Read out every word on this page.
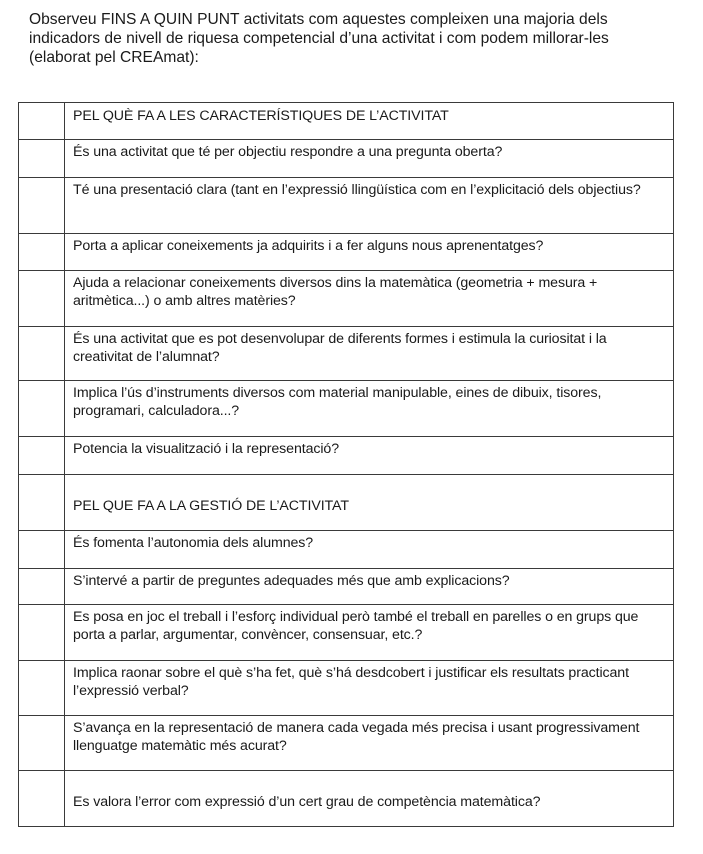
Observeu FINS A QUIN PUNT activitats com aquestes compleixen una majoria dels indicadors de nivell de riquesa competencial d’una activitat i com podem millorar-les (elaborat pel CREAmat):

	PEL QUÈ FA A LES CARACTERÍSTIQUES DE L’ACTIVITAT

	És una activitat que té per objectiu respondre a una pregunta oberta?

	Té una presentació clara (tant en l’expressió llingüística com en l’explicitació dels objectius?

	Porta a aplicar coneixements ja adquirits i a fer alguns nous aprenentatges?

	Ajuda a relacionar coneixements diversos dins la matemàtica (geometria + mesura + aritmètica...) o amb altres matèries?

	És una activitat que es pot desenvolupar de diferents formes i estimula la curiositat i la creativitat de l’alumnat?

	Implica l’ús d’instruments diversos com material manipulable, eines de dibuix, tisores, programari, calculadora...?

	Potencia la visualització i la representació?

	PEL QUE FA A LA GESTIÓ DE L’ACTIVITAT

	És fomenta l’autonomia dels alumnes?

	S’intervé a partir de preguntes adequades més que amb explicacions?

	Es posa en joc el treball i l’esforç individual però també el treball en parelles o en grups que porta a parlar, argumentar, convèncer, consensuar, etc.?

	Implica raonar sobre el què s’ha fet, què s’há desdcobert i justificar els resultats practicant l’expressió verbal?

	S’avança en la representació de manera cada vegada més precisa i usant progressivament llenguatge matemàtic més acurat?

	Es valora l’error com expressió d’un cert grau de competència matemàtica?
